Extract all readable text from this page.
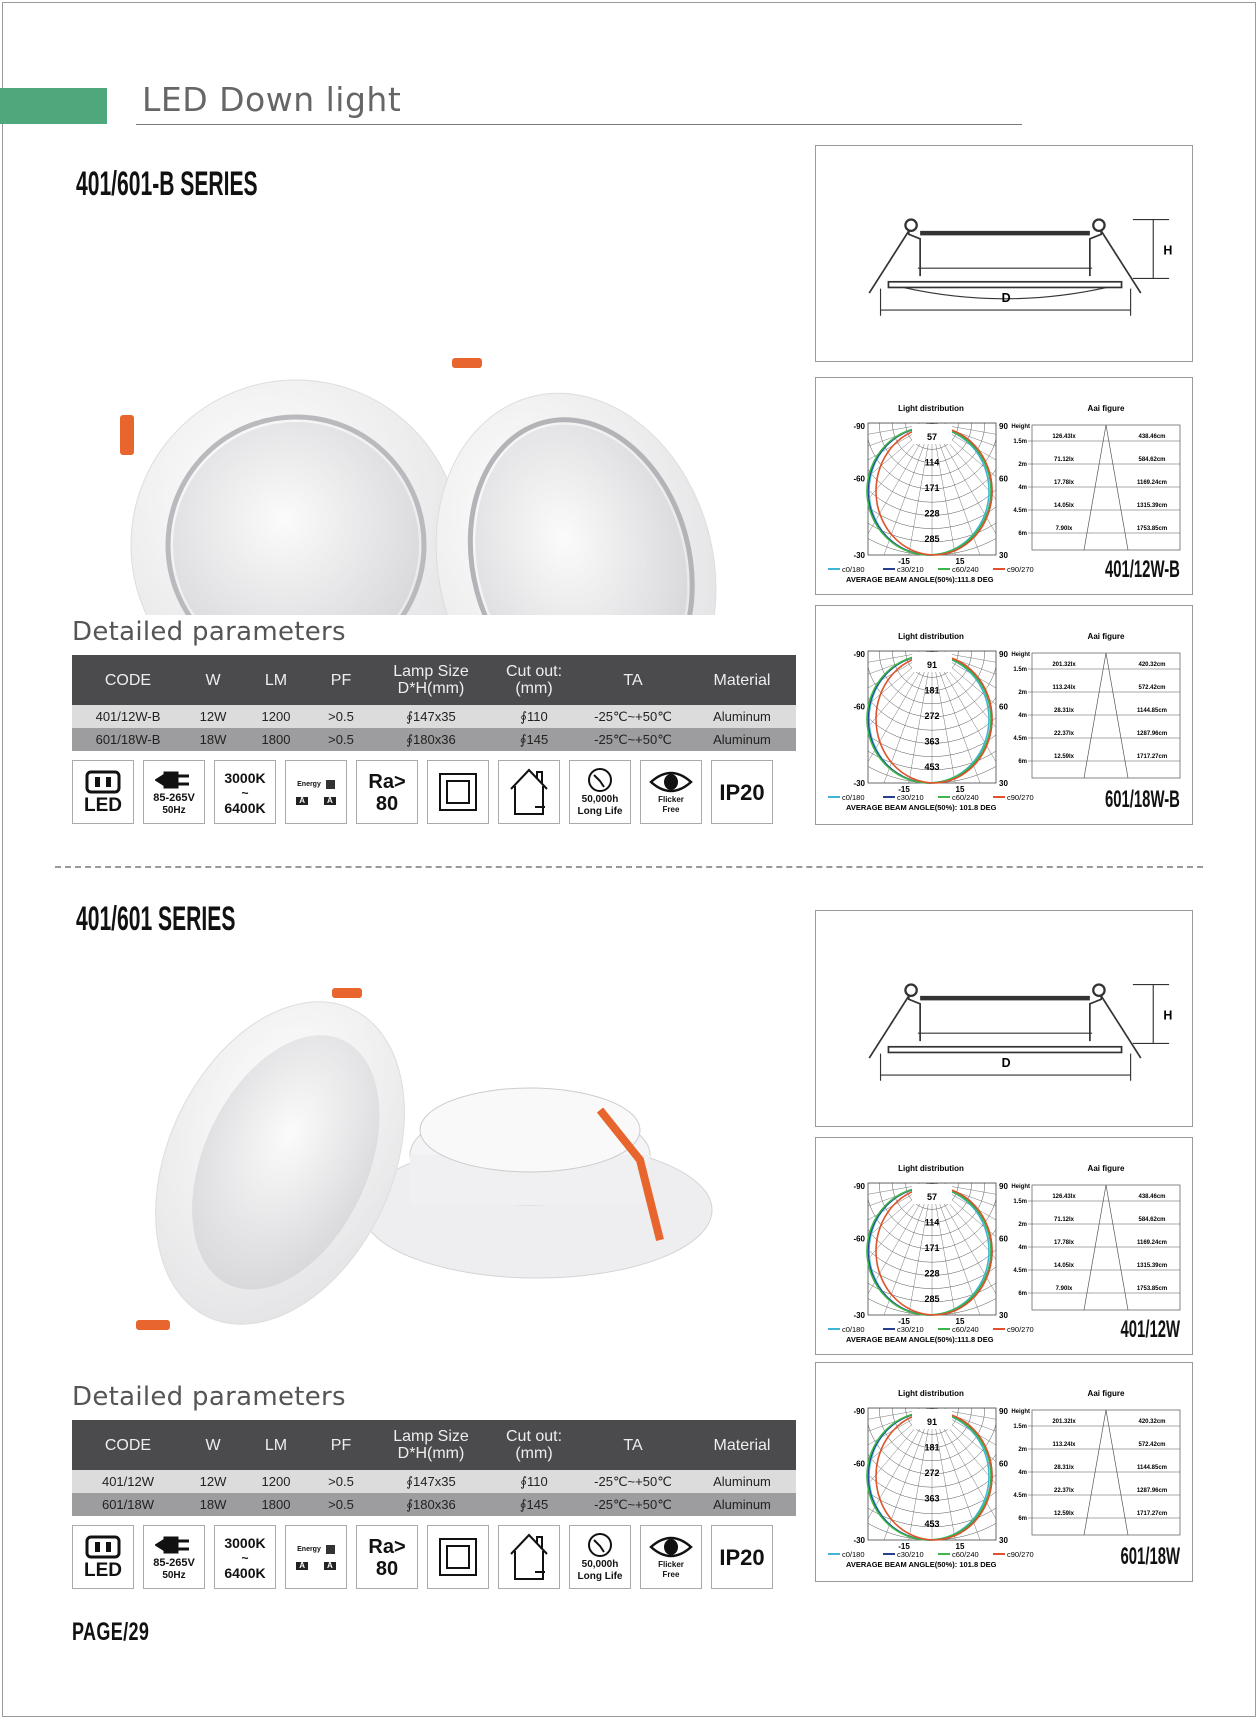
LED Down light
PAGE/29
401/601-B SERIES
Detailed parameters
CODE	W	LM	PF	Lamp Size
D*H(mm)
Cut out:
(mm)	TA	Material
401/12W-B	12W	1200	>0.5	∮147x35	∮110	-25℃~+50℃	Aluminum
601/18W-B	18W	1800	>0.5	∮180x36	∮145	-25℃~+50℃	Aluminum
LED	85-265V
50Hz
3000K
~
6400K
Energy
A	A
Ra>
80	50,000h
Long Life
Flicker
Free
IP20
H
D
Light distribution
57
114
171
228
285
-90
-60
-30
90
60
30
-15	15
c0/180	c30/210	c60/240	c90/270
AVERAGE BEAM ANGLE(50%):111.8 DEG
Aai figure
Height
1.5m
126.43lx	438.46cm
2m
71.12lx	584.62cm
4m
17.78lx	1169.24cm
4.5m
14.05lx	1315.39cm
6m
7.90lx	1753.85cm
401/12W-B
Light distribution
91
181
272
363
453
-90
-60
-30
90
60
30
-15	15
c0/180	c30/210	c60/240	c90/270
AVERAGE BEAM ANGLE(50%): 101.8 DEG
Aai figure
Height
1.5m
201.32lx	420.32cm
2m
113.24lx	572.42cm
4m
28.31lx	1144.85cm
4.5m
22.37lx	1287.96cm
6m
12.59lx	1717.27cm
601/18W-B
401/601 SERIES
Detailed parameters
CODE	W	LM	PF	Lamp Size
D*H(mm)
Cut out:
(mm)	TA	Material
401/12W	12W	1200	>0.5	∮147x35	∮110	-25℃~+50℃	Aluminum
601/18W	18W	1800	>0.5	∮180x36	∮145	-25℃~+50℃	Aluminum
LED	85-265V
50Hz
3000K
~
6400K
Energy
A	A
Ra>
80	50,000h
Long Life
Flicker
Free
IP20
H
D
Light distribution
57
114
171
228
285
-90
-60
-30
90
60
30
-15	15
c0/180	c30/210	c60/240	c90/270
AVERAGE BEAM ANGLE(50%):111.8 DEG
Aai figure
Height
1.5m
126.43lx	438.46cm
2m
71.12lx	584.62cm
4m
17.78lx	1169.24cm
4.5m
14.05lx	1315.39cm
6m
7.90lx	1753.85cm
401/12W
Light distribution
91
181
272
363
453
-90
-60
-30
90
60
30
-15	15
c0/180	c30/210	c60/240	c90/270
AVERAGE BEAM ANGLE(50%): 101.8 DEG
Aai figure
Height
1.5m
201.32lx	420.32cm
2m
113.24lx	572.42cm
4m
28.31lx	1144.85cm
4.5m
22.37lx	1287.96cm
6m
12.59lx	1717.27cm
601/18W
